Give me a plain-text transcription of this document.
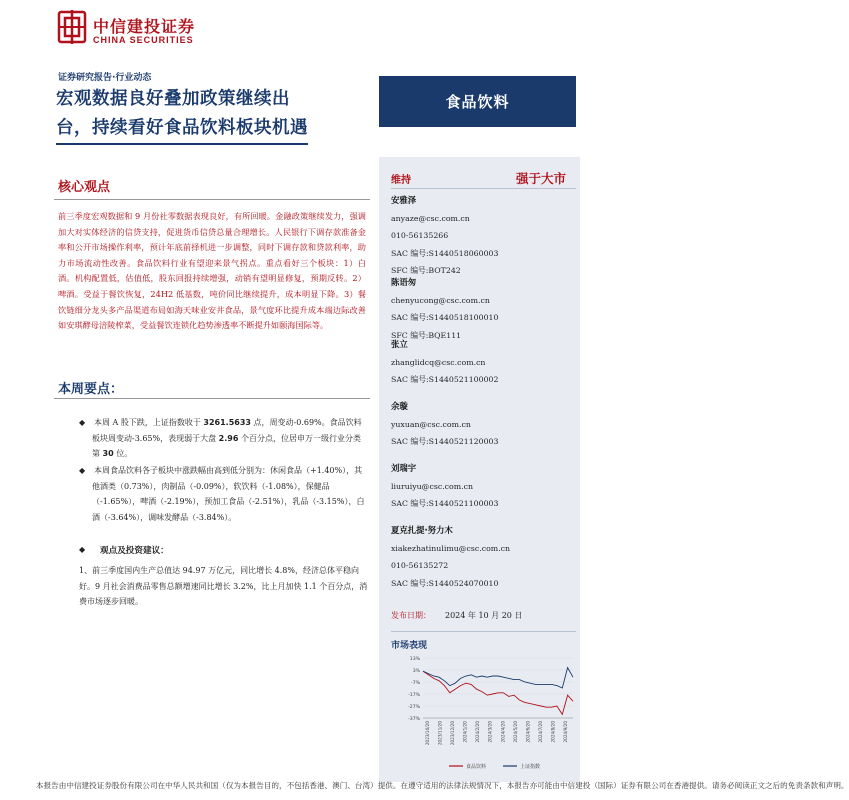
中信建投证券
CHINA SECURITIES
证券研究报告·行业动态
宏观数据良好叠加政策继续出
台，持续看好食品饮料板块机遇
食品饮料
核心观点
前三季度宏观数据和 9 月份社零数据表现良好，有所回暖。金融政策继续发力，强调加大对实体经济的信贷支持，促进货币信贷总量合理增长。人民银行下调存款准备金率和公开市场操作利率，预计年底前择机进一步调整，同时下调存款和贷款利率，助力市场流动性改善。食品饮料行业有望迎来景气拐点。重点看好三个板块：1）白酒。机构配置低，估值低，股东回报持续增强，动销有望明显修复，预期反转。2）啤酒。受益于餐饮恢复，24H2 低基数，吨价同比继续提升，成本明显下降。3）餐饮链细分龙头多产品渠道布局如海天味业安井食品，景气度环比提升成本端边际改善如安琪酵母涪陵榨菜，受益餐饮连锁化趋势渗透率不断提升如颐海国际等。
本周要点：
◆	本周 A 股下跌，上证指数收于 3261.5633 点，周变动-0.69%。食品饮料板块周变动-3.65%，表现弱于大盘 2.96 个百分点，位居申万一级行业分类第 30 位。
◆	本周食品饮料各子板块中涨跌幅由高到低分别为：休闲食品（+1.40%），其他酒类（0.73%），肉制品（-0.09%），软饮料（-1.08%），保健品（-1.65%），啤酒（-2.19%），预加工食品（-2.51%），乳品（-3.15%），白酒（-3.64%），调味发酵品（-3.84%）。
◆ 观点及投资建议：
1、前三季度国内生产总值达 94.97 万亿元，同比增长 4.8%，经济总体平稳向好。9 月社会消费品零售总额增速同比增长 3.2%，比上月加快 1.1 个百分点，消费市场逐步回暖。
维持	强于大市
安雅泽
anyaze@csc.com.cn
010-56135266
SAC 编号:S1440518060003
SFC 编号:BOT242
陈语匆
chenyucong@csc.com.cn
SAC 编号:S1440518100010
SFC 编号:BQE111
张立
zhanglidcq@csc.com.cn
SAC 编号:S1440521100002
余璇
yuxuan@csc.com.cn
SAC 编号:S1440521120003
刘瑞宇
liuruiyu@csc.com.cn
SAC 编号:S1440521100003
夏克扎提·努力木
xiakezhatinulimu@csc.com.cn
010-56135272
SAC 编号:S1440524070010
发布日期： 2024 年 10 月 20 日
市场表现
13%
3%
-7%
-17%
-27%
-37%
2023/10/20 2023/11/20 2023/12/20 2024/1/20 2024/2/20 2024/3/20 2024/4/20 2024/5/20 2024/6/20 2024/7/20 2024/8/20 2024/9/20
食品饮料	上证指数
本报告由中信建投证券股份有限公司在中华人民共和国（仅为本报告目的，不包括香港、澳门、台湾）提供。在遵守适用的法律法规情况下，本报告亦可能由中信建投（国际）证券有限公司在香港提供。请务必阅读正文之后的免责条款和声明。
